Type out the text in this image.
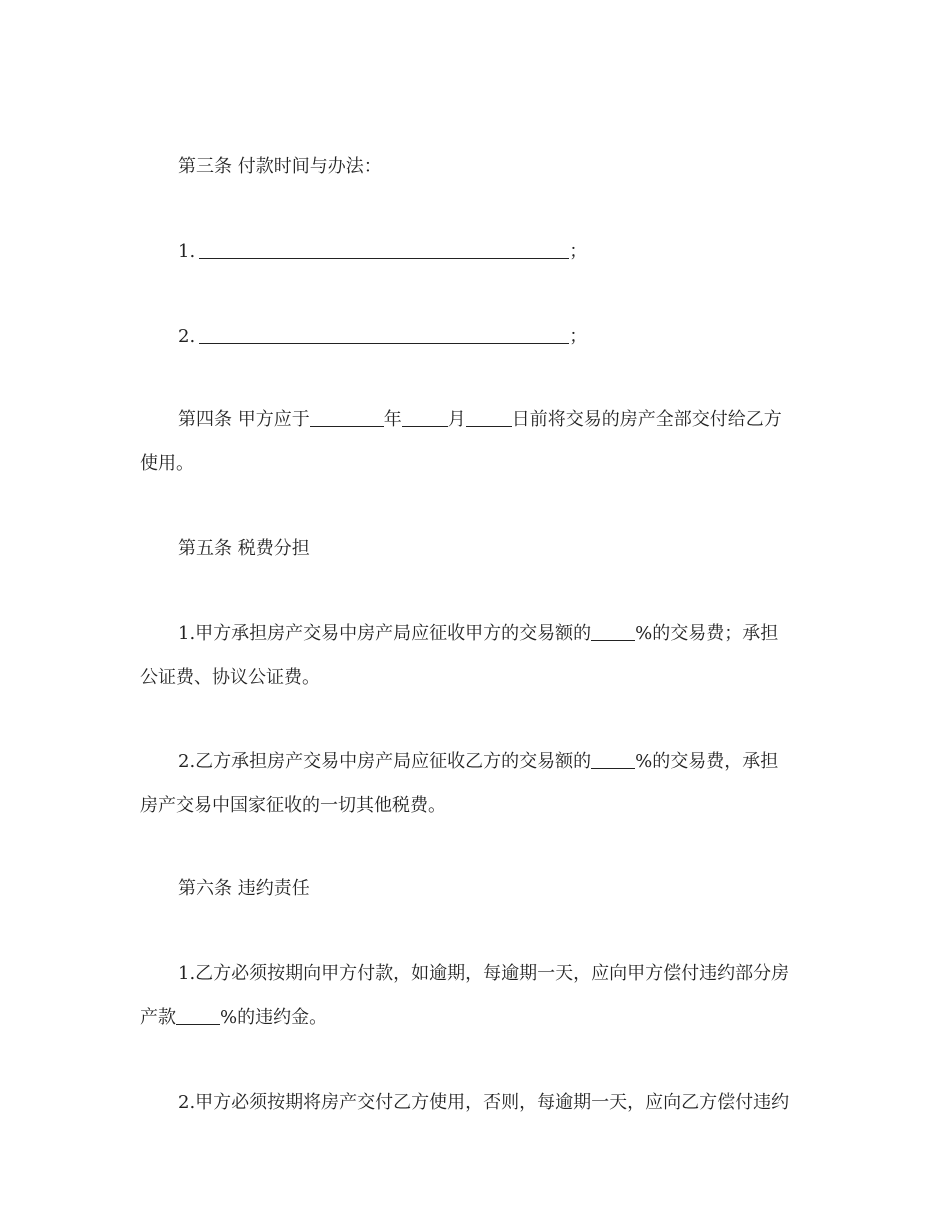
第三条 付款时间与办法：
1.	；
2.	；
第四条 甲方应于	年	月	日前将交易的房产全部交付给乙方
使用。
第五条 税费分担
1.甲方承担房产交易中房产局应征收甲方的交易额的 %的交易费；承担
公证费、协议公证费。
2.乙方承担房产交易中房产局应征收乙方的交易额的 %的交易费，承担
房产交易中国家征收的一切其他税费。
第六条 违约责任
1.乙方必须按期向甲方付款，如逾期，每逾期一天，应向甲方偿付违约部分房
产款 %的违约金。
2.甲方必须按期将房产交付乙方使用，否则，每逾期一天，应向乙方偿付违约
